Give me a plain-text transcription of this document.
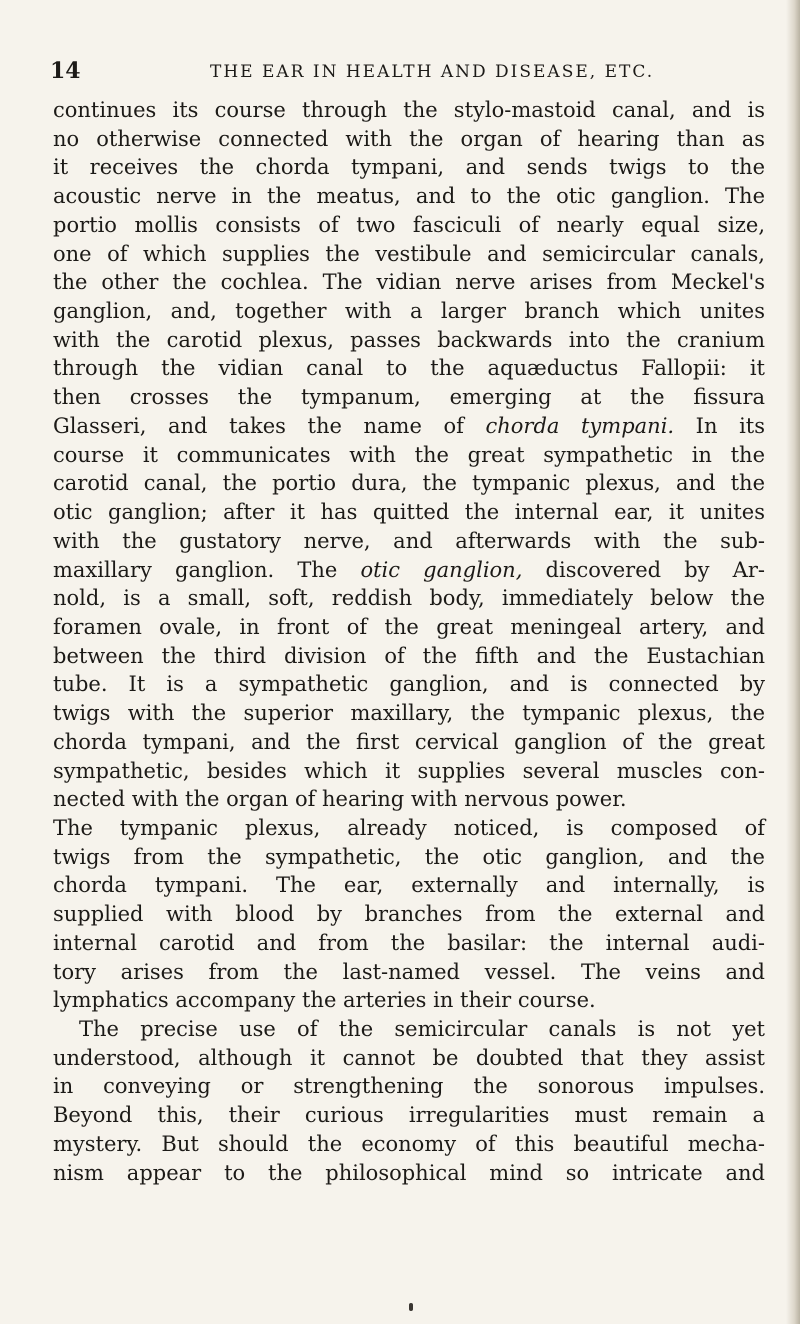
14	THE EAR IN HEALTH AND DISEASE, ETC.
continues its course through the stylo-mastoid canal, and is
no otherwise connected with the organ of hearing than as
it receives the chorda tympani, and sends twigs to the
acoustic nerve in the meatus, and to the otic ganglion. The
portio mollis consists of two fasciculi of nearly equal size,
one of which supplies the vestibule and semicircular canals,
the other the cochlea. The vidian nerve arises from Meckel's
ganglion, and, together with a larger branch which unites
with the carotid plexus, passes backwards into the cranium
through the vidian canal to the aquæductus Fallopii: it
then crosses the tympanum, emerging at the fissura
Glasseri, and takes the name of chorda tympani. In its
course it communicates with the great sympathetic in the
carotid canal, the portio dura, the tympanic plexus, and the
otic ganglion; after it has quitted the internal ear, it unites
with the gustatory nerve, and afterwards with the sub-
maxillary ganglion. The otic ganglion, discovered by Ar-
nold, is a small, soft, reddish body, immediately below the
foramen ovale, in front of the great meningeal artery, and
between the third division of the fifth and the Eustachian
tube. It is a sympathetic ganglion, and is connected by
twigs with the superior maxillary, the tympanic plexus, the
chorda tympani, and the first cervical ganglion of the great
sympathetic, besides which it supplies several muscles con-
nected with the organ of hearing with nervous power.
The tympanic plexus, already noticed, is composed of
twigs from the sympathetic, the otic ganglion, and the
chorda tympani. The ear, externally and internally, is
supplied with blood by branches from the external and
internal carotid and from the basilar: the internal audi-
tory arises from the last-named vessel. The veins and
lymphatics accompany the arteries in their course.
The precise use of the semicircular canals is not yet
understood, although it cannot be doubted that they assist
in conveying or strengthening the sonorous impulses.
Beyond this, their curious irregularities must remain a
mystery. But should the economy of this beautiful mecha-
nism appear to the philosophical mind so intricate and
